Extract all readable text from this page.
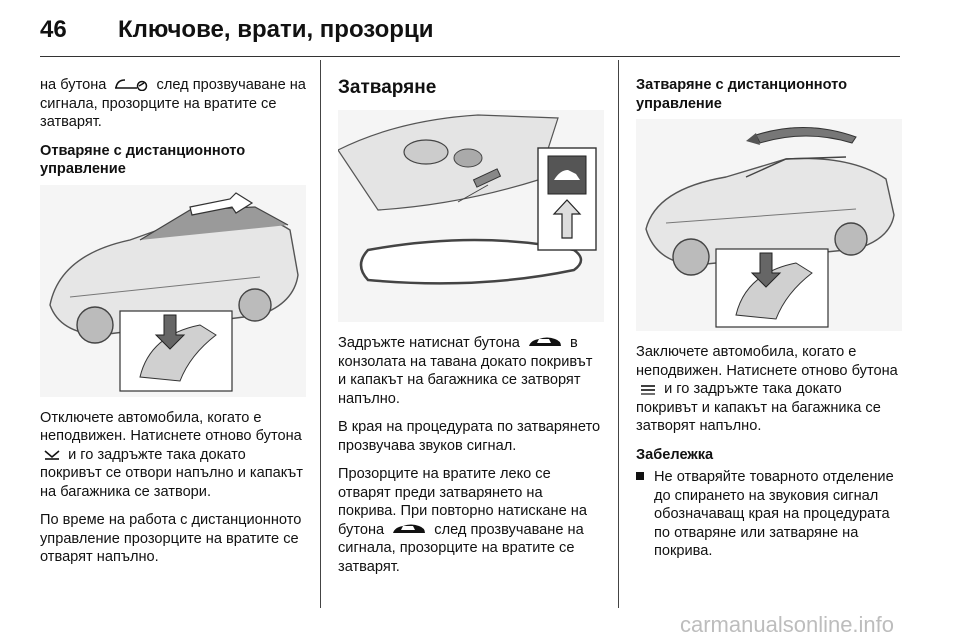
46 Ключове, врати, прозорци

на бутона	след прозвучаване на сигнала, прозорците на вратите се затварят.

Отваряне с дистанционното управление

Отключете автомобила, когато е неподвижен. Натиснете отново бутона  и го задръжте така докато покривът се отвори напълно и капакът на багажника се затвори.

По време на работа с дистанционното управление прозорците на вратите се отварят напълно.

Затваряне

Задръжте натиснат бутона	в конзолата на тавана докато покривът и капакът на багажника се затворят напълно.

В края на процедурата по затварянето прозвучава звуков сигнал.

Прозорците на вратите леко се отварят преди затварянето на покрива. При повторно натискане на бутона	след прозвучаване на сигнала, прозорците на вратите се затварят.

Затваряне с дистанционното управление

Заключете автомобила, когато е неподвижен. Натиснете отново бутона  и го задръжте така докато покривът и капакът на багажника се затворят напълно.

Забележка
Не отваряйте товарното отделение до спирането на звуковия сигнал обозначаващ края на процедурата по отваряне или затваряне на покрива.
carmanualsonline.info
